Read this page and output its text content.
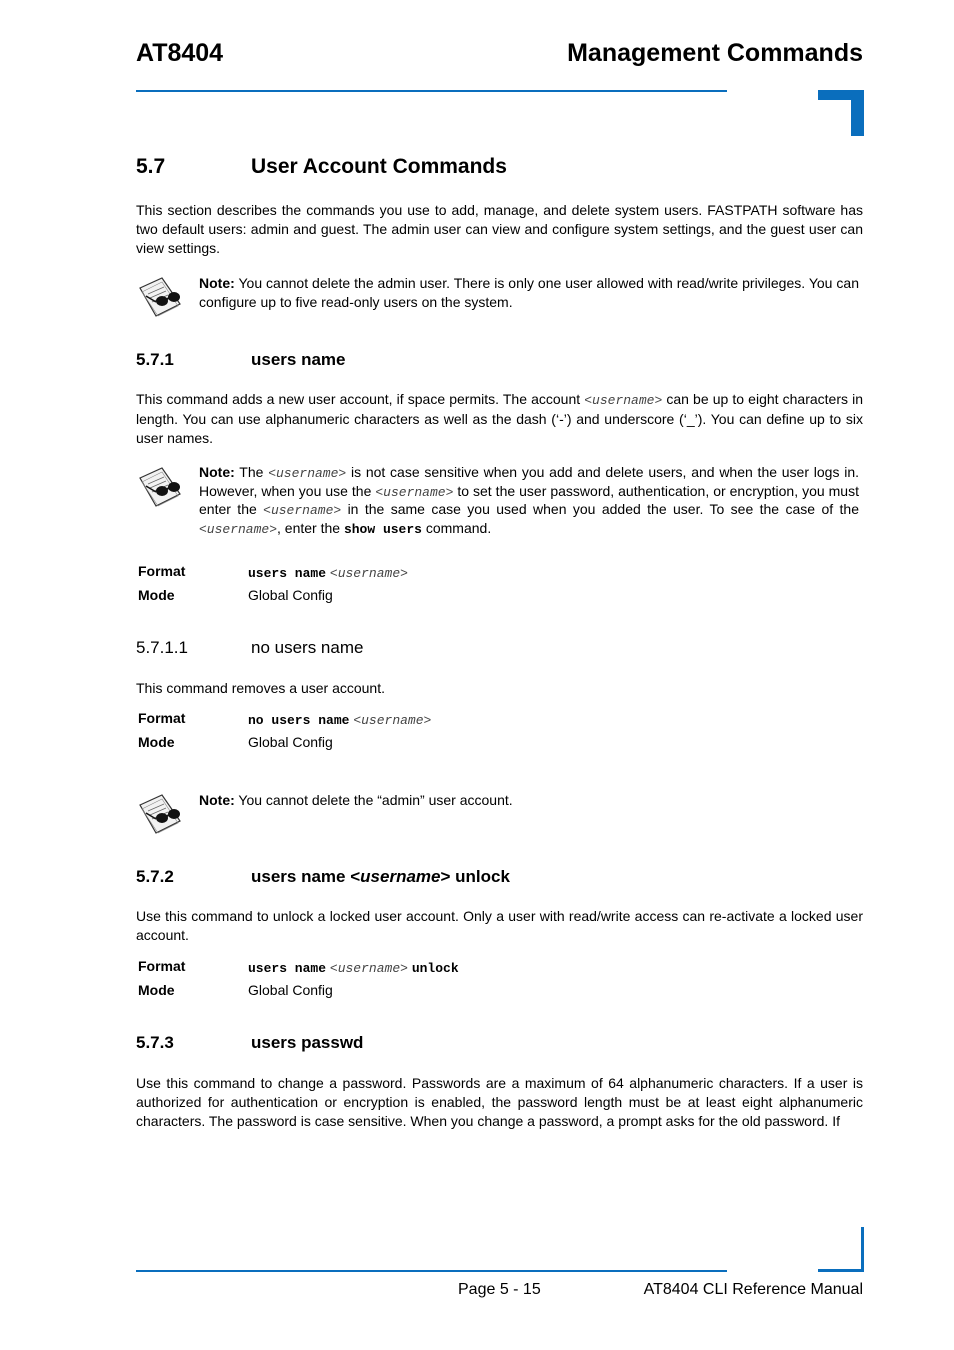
AT8404	Management Commands
5.7	User Account Commands
This section describes the commands you use to add, manage, and delete system users. FASTPATH software has two default users: admin and guest. The admin user can view and configure system settings, and the guest user can view settings.
Note: You cannot delete the admin user. There is only one user allowed with read/write privileges. You can configure up to five read-only users on the system.
5.7.1	users name
This command adds a new user account, if space permits. The account <username> can be up to eight characters in length. You can use alphanumeric characters as well as the dash (‘-’) and underscore (‘_’). You can define up to six user names.
Note: The <username> is not case sensitive when you add and delete users, and when the user logs in. However, when you use the <username> to set the user password, authentication, or encryption, you must enter the <username> in the same case you used when you added the user. To see the case of the <username>, enter the show users command.
Format	users name <username>
Mode	Global Config
5.7.1.1	no users name
This command removes a user account.
Format	no users name <username>
Mode	Global Config
Note: You cannot delete the “admin” user account.
5.7.2	users name <username> unlock
Use this command to unlock a locked user account. Only a user with read/write access can re-activate a locked user account.
Format	users name <username> unlock
Mode	Global Config
5.7.3	users passwd
Use this command to change a password. Passwords are a maximum of 64 alphanumeric characters. If a user is authorized for authentication or encryption is enabled, the password length must be at least eight alphanumeric characters. The password is case sensitive. When you change a password, a prompt asks for the old password. If
Page 5 - 15	AT8404 CLI Reference Manual
